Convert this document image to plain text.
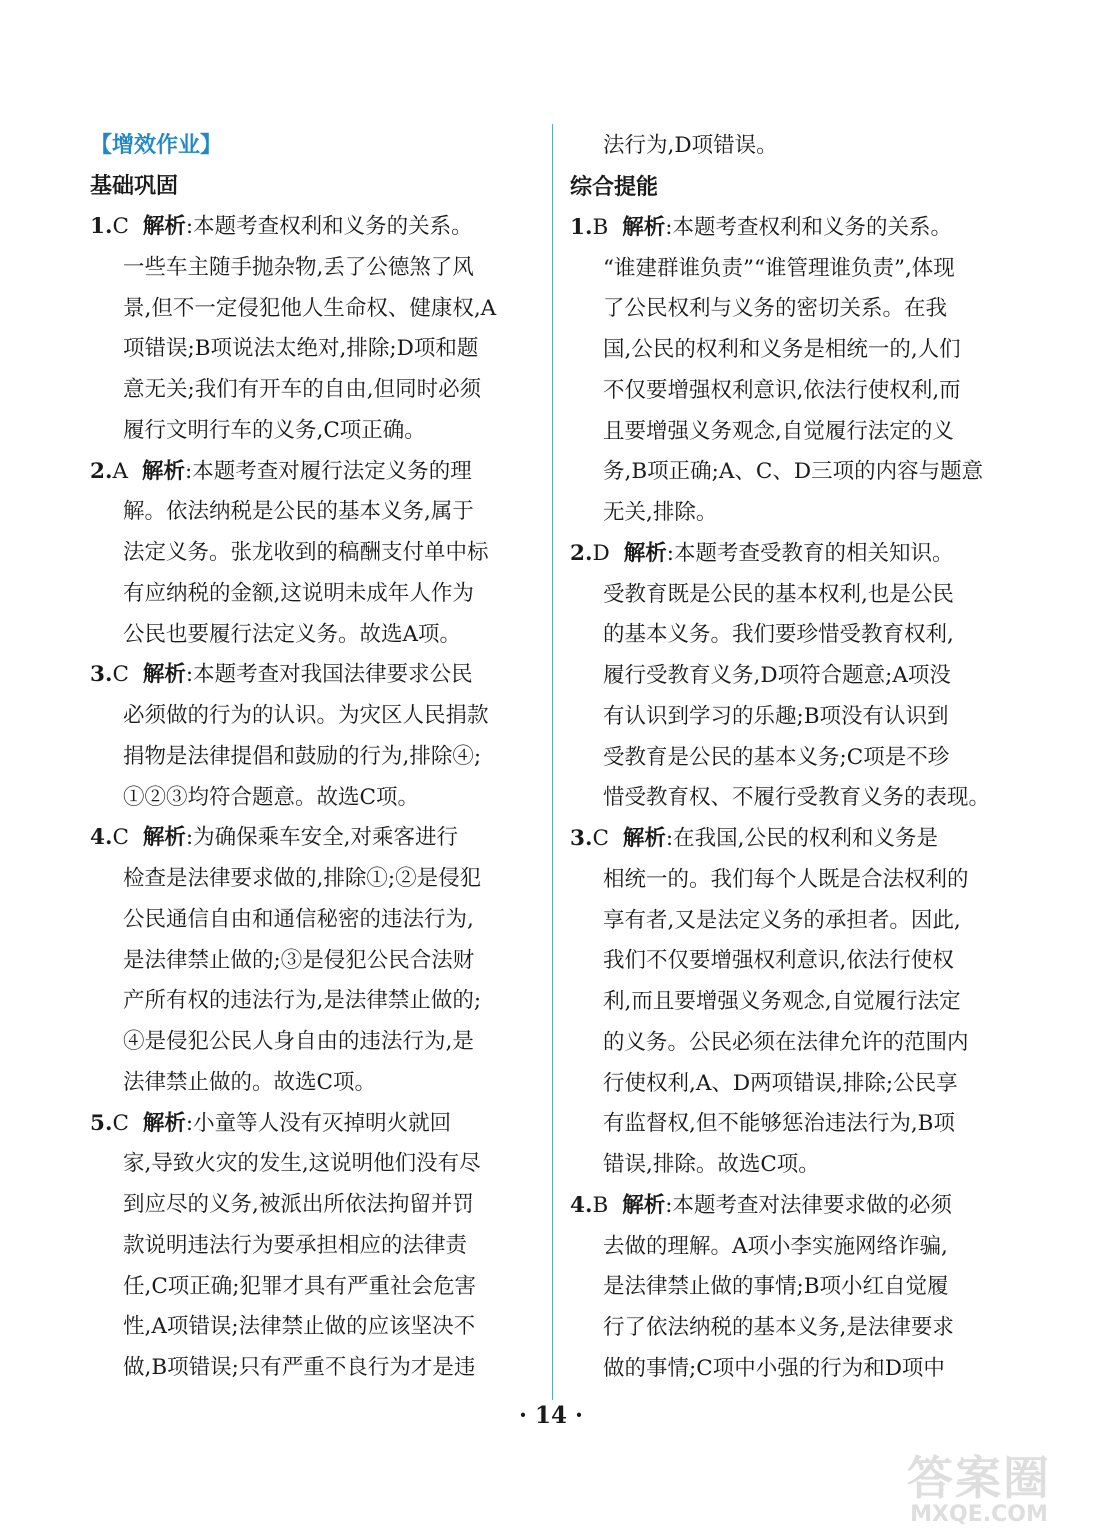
【增效作业】
基础巩固
1.C 解析:本题考查权利和义务的关系。
一些车主随手抛杂物,丢了公德煞了风
景,但不一定侵犯他人生命权、健康权,A
项错误;B项说法太绝对,排除;D项和题
意无关;我们有开车的自由,但同时必须
履行文明行车的义务,C项正确。
2.A 解析:本题考查对履行法定义务的理
解。依法纳税是公民的基本义务,属于
法定义务。张龙收到的稿酬支付单中标
有应纳税的金额,这说明未成年人作为
公民也要履行法定义务。故选A项。
3.C 解析:本题考查对我国法律要求公民
必须做的行为的认识。为灾区人民捐款
捐物是法律提倡和鼓励的行为,排除④;
①②③均符合题意。故选C项。
4.C 解析:为确保乘车安全,对乘客进行
检查是法律要求做的,排除①;②是侵犯
公民通信自由和通信秘密的违法行为,
是法律禁止做的;③是侵犯公民合法财
产所有权的违法行为,是法律禁止做的;
④是侵犯公民人身自由的违法行为,是
法律禁止做的。故选C项。
5.C 解析:小童等人没有灭掉明火就回
家,导致火灾的发生,这说明他们没有尽
到应尽的义务,被派出所依法拘留并罚
款说明违法行为要承担相应的法律责
任,C项正确;犯罪才具有严重社会危害
性,A项错误;法律禁止做的应该坚决不
做,B项错误;只有严重不良行为才是违
法行为,D项错误。
综合提能
1.B 解析:本题考查权利和义务的关系。
“谁建群谁负责”“谁管理谁负责”,体现
了公民权利与义务的密切关系。在我
国,公民的权利和义务是相统一的,人们
不仅要增强权利意识,依法行使权利,而
且要增强义务观念,自觉履行法定的义
务,B项正确;A、C、D三项的内容与题意
无关,排除。
2.D 解析:本题考查受教育的相关知识。
受教育既是公民的基本权利,也是公民
的基本义务。我们要珍惜受教育权利,
履行受教育义务,D项符合题意;A项没
有认识到学习的乐趣;B项没有认识到
受教育是公民的基本义务;C项是不珍
惜受教育权、不履行受教育义务的表现。
3.C 解析:在我国,公民的权利和义务是
相统一的。我们每个人既是合法权利的
享有者,又是法定义务的承担者。因此,
我们不仅要增强权利意识,依法行使权
利,而且要增强义务观念,自觉履行法定
的义务。公民必须在法律允许的范围内
行使权利,A、D两项错误,排除;公民享
有监督权,但不能够惩治违法行为,B项
错误,排除。故选C项。
4.B 解析:本题考查对法律要求做的必须
去做的理解。A项小李实施网络诈骗,
是法律禁止做的事情;B项小红自觉履
行了依法纳税的基本义务,是法律要求
做的事情;C项中小强的行为和D项中
· 14 ·
答案圈
MXQE.COM
